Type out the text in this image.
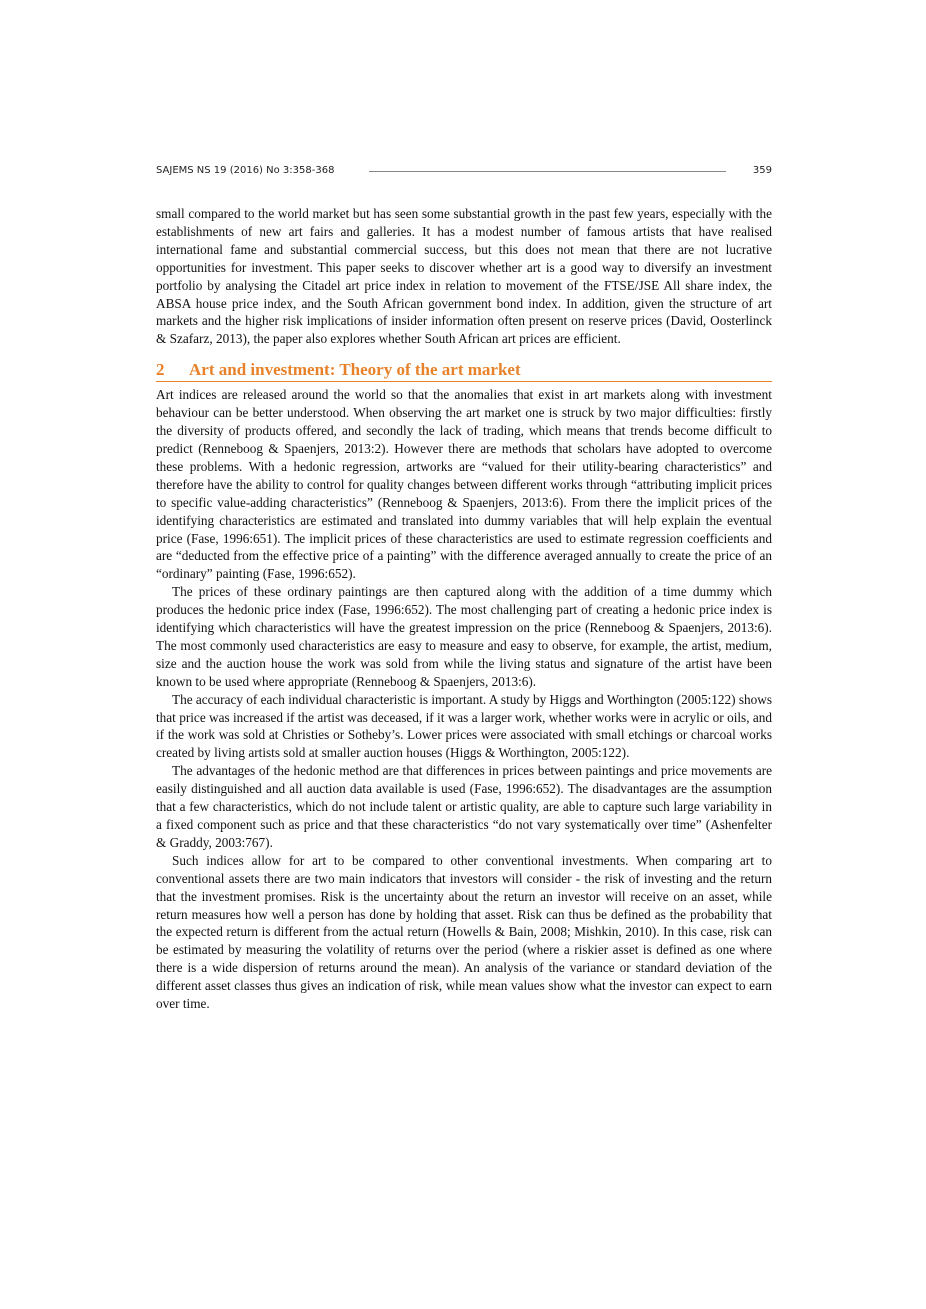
SAJEMS NS 19 (2016) No 3:358-368	359

small compared to the world market but has seen some substantial growth in the past few years, especially with the establishments of new art fairs and galleries. It has a modest number of famous artists that have realised international fame and substantial commercial success, but this does not mean that there are not lucrative opportunities for investment. This paper seeks to discover whether art is a good way to diversify an investment portfolio by analysing the Citadel art price index in relation to movement of the FTSE/JSE All share index, the ABSA house price index, and the South African government bond index. In addition, given the structure of art markets and the higher risk implications of insider information often present on reserve prices (David, Oosterlinck & Szafarz, 2013), the paper also explores whether South African art prices are efficient.

2 Art and investment: Theory of the art market

Art indices are released around the world so that the anomalies that exist in art markets along with investment behaviour can be better understood. When observing the art market one is struck by two major difficulties: firstly the diversity of products offered, and secondly the lack of trading, which means that trends become difficult to predict (Renneboog & Spaenjers, 2013:2). However there are methods that scholars have adopted to overcome these problems. With a hedonic regression, artworks are “valued for their utility-bearing characteristics” and therefore have the ability to control for quality changes between different works through “attributing implicit prices to specific value-adding characteristics” (Renneboog & Spaenjers, 2013:6). From there the implicit prices of the identifying characteristics are estimated and translated into dummy variables that will help explain the eventual price (Fase, 1996:651). The implicit prices of these characteristics are used to estimate regression coefficients and are “deducted from the effective price of a painting” with the difference averaged annually to create the price of an “ordinary” painting (Fase, 1996:652).

The prices of these ordinary paintings are then captured along with the addition of a time dummy which produces the hedonic price index (Fase, 1996:652). The most challenging part of creating a hedonic price index is identifying which characteristics will have the greatest impression on the price (Renneboog & Spaenjers, 2013:6). The most commonly used characteristics are easy to measure and easy to observe, for example, the artist, medium, size and the auction house the work was sold from while the living status and signature of the artist have been known to be used where appropriate (Renneboog & Spaenjers, 2013:6).

The accuracy of each individual characteristic is important. A study by Higgs and Worthington (2005:122) shows that price was increased if the artist was deceased, if it was a larger work, whether works were in acrylic or oils, and if the work was sold at Christies or Sotheby’s. Lower prices were associated with small etchings or charcoal works created by living artists sold at smaller auction houses (Higgs & Worthington, 2005:122).

The advantages of the hedonic method are that differences in prices between paintings and price movements are easily distinguished and all auction data available is used (Fase, 1996:652). The disadvantages are the assumption that a few characteristics, which do not include talent or artistic quality, are able to capture such large variability in a fixed component such as price and that these characteristics “do not vary systematically over time” (Ashenfelter & Graddy, 2003:767).

Such indices allow for art to be compared to other conventional investments. When comparing art to conventional assets there are two main indicators that investors will consider - the risk of investing and the return that the investment promises. Risk is the uncertainty about the return an investor will receive on an asset, while return measures how well a person has done by holding that asset. Risk can thus be defined as the probability that the expected return is different from the actual return (Howells & Bain, 2008; Mishkin, 2010). In this case, risk can be estimated by measuring the volatility of returns over the period (where a riskier asset is defined as one where there is a wide dispersion of returns around the mean). An analysis of the variance or standard deviation of the different asset classes thus gives an indication of risk, while mean values show what the investor can expect to earn over time.
